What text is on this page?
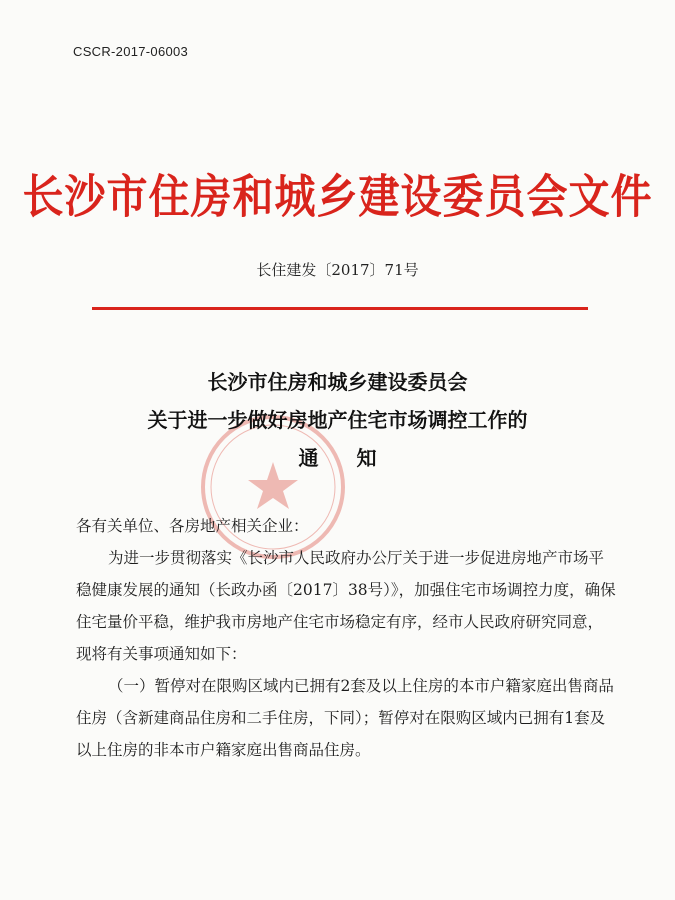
CSCR-2017-06003
长沙市住房和城乡建设委员会文件
长住建发〔2017〕71号
长沙市住房和城乡建设委员会
关于进一步做好房地产住宅市场调控工作的
通知

各有关单位、各房地产相关企业：

为进一步贯彻落实《长沙市人民政府办公厅关于进一步促进房地产市场平稳健康发展的通知（长政办函〔2017〕38号）》，加强住宅市场调控力度，确保住宅量价平稳，维护我市房地产住宅市场稳定有序，经市人民政府研究同意，现将有关事项通知如下：

（一）暂停对在限购区域内已拥有2套及以上住房的本市户籍家庭出售商品住房（含新建商品住房和二手住房，下同）；暂停对在限购区域内已拥有1套及以上住房的非本市户籍家庭出售商品住房。
